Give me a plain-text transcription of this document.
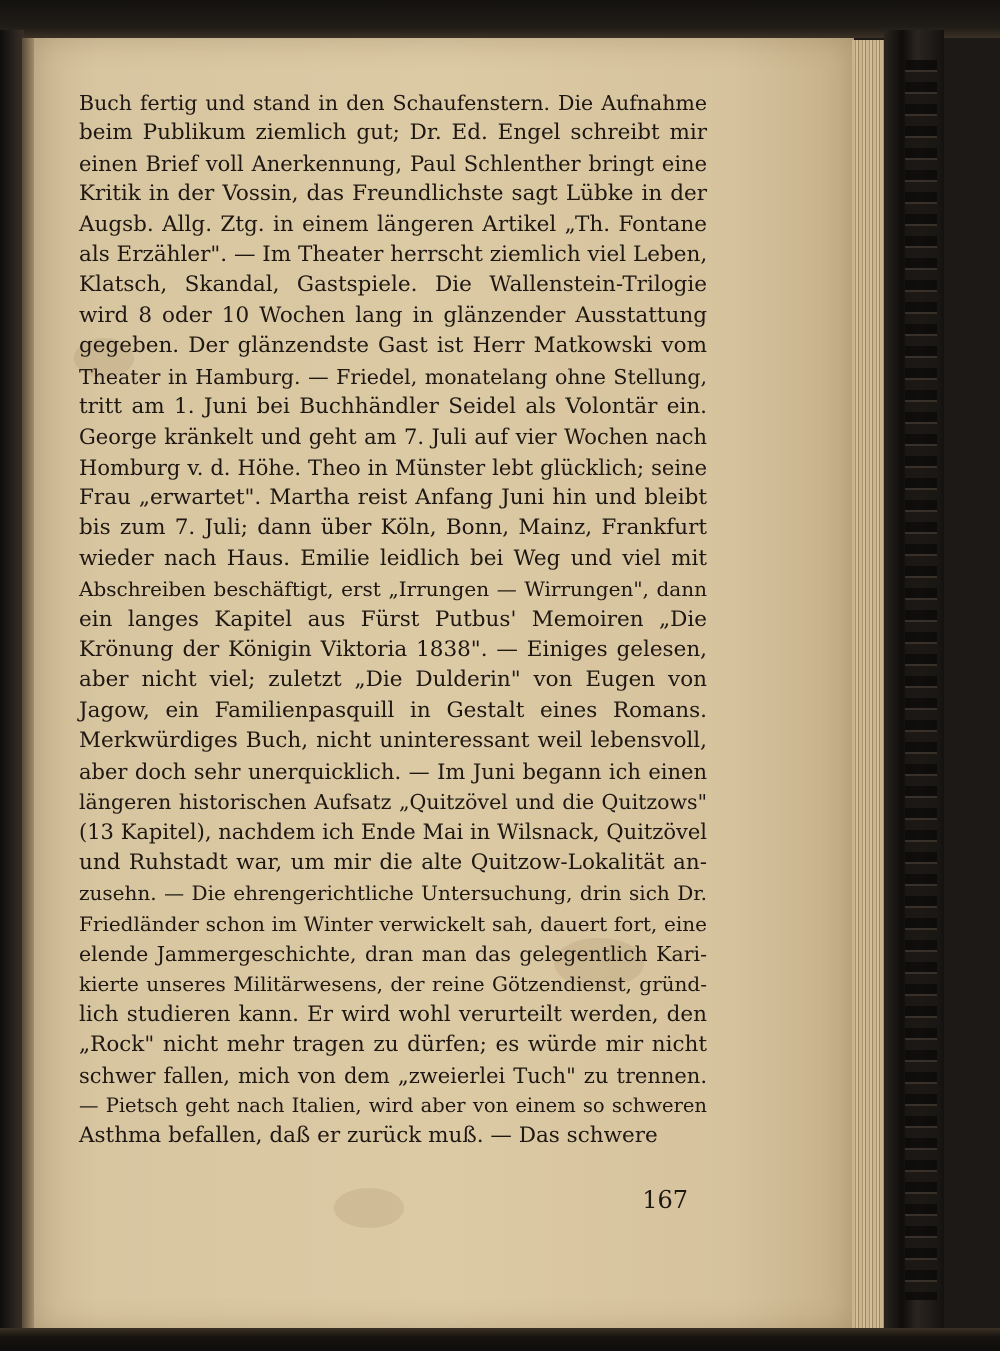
Buch fertig und stand in den Schaufenstern. Die Aufnahme
beim Publikum ziemlich gut; Dr. Ed. Engel schreibt mir
einen Brief voll Anerkennung, Paul Schlenther bringt eine
Kritik in der Vossin, das Freundlichste sagt Lübke in der
Augsb. Allg. Ztg. in einem längeren Artikel „Th. Fontane
als Erzähler". — Im Theater herrscht ziemlich viel Leben,
Klatsch, Skandal, Gastspiele. Die Wallenstein-Trilogie
wird 8 oder 10 Wochen lang in glänzender Ausstattung
gegeben. Der glänzendste Gast ist Herr Matkowski vom
Theater in Hamburg. — Friedel, monatelang ohne Stellung,
tritt am 1. Juni bei Buchhändler Seidel als Volontär ein.
George kränkelt und geht am 7. Juli auf vier Wochen nach
Homburg v. d. Höhe. Theo in Münster lebt glücklich; seine
Frau „erwartet". Martha reist Anfang Juni hin und bleibt
bis zum 7. Juli; dann über Köln, Bonn, Mainz, Frankfurt
wieder nach Haus. Emilie leidlich bei Weg und viel mit
Abschreiben beschäftigt, erst „Irrungen — Wirrungen", dann
ein langes Kapitel aus Fürst Putbus' Memoiren „Die
Krönung der Königin Viktoria 1838". — Einiges gelesen,
aber nicht viel; zuletzt „Die Dulderin" von Eugen von
Jagow, ein Familienpasquill in Gestalt eines Romans.
Merkwürdiges Buch, nicht uninteressant weil lebensvoll,
aber doch sehr unerquicklich. — Im Juni begann ich einen
längeren historischen Aufsatz „Quitzövel und die Quitzows"
(13 Kapitel), nachdem ich Ende Mai in Wilsnack, Quitzövel
und Ruhstadt war, um mir die alte Quitzow-Lokalität an-
zusehn. — Die ehrengerichtliche Untersuchung, drin sich Dr.
Friedländer schon im Winter verwickelt sah, dauert fort, eine
elende Jammergeschichte, dran man das gelegentlich Kari-
kierte unseres Militärwesens, der reine Götzendienst, gründ-
lich studieren kann. Er wird wohl verurteilt werden, den
„Rock" nicht mehr tragen zu dürfen; es würde mir nicht
schwer fallen, mich von dem „zweierlei Tuch" zu trennen.
— Pietsch geht nach Italien, wird aber von einem so schweren
Asthma befallen, daß er zurück muß. — Das schwere
167
